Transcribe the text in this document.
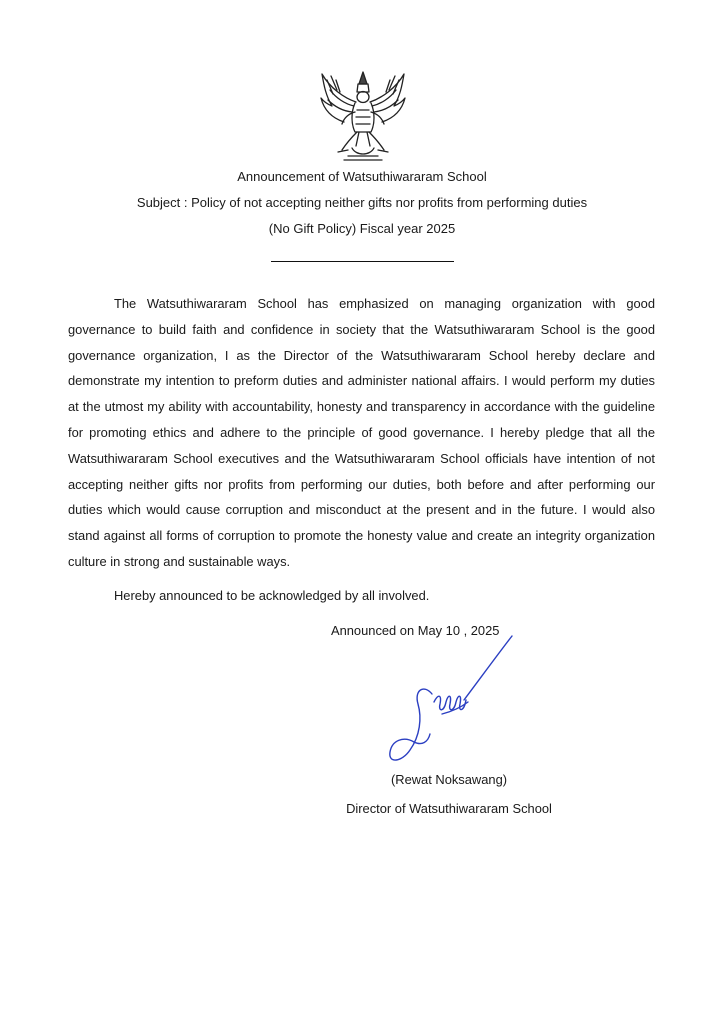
Announcement of Watsuthiwararam School
Subject : Policy of not accepting neither gifts nor profits from performing duties
(No Gift Policy) Fiscal year 2025

The Watsuthiwararam School has emphasized on managing organization with good governance to build faith and confidence in society that the Watsuthiwararam School is the good governance organization, I as the Director of the Watsuthiwararam School hereby declare and demonstrate my intention to preform duties and administer national affairs. I would perform my duties at the utmost my ability with accountability, honesty and transparency in accordance with the guideline for promoting ethics and adhere to the principle of good governance. I hereby pledge that all the Watsuthiwararam School executives and the Watsuthiwararam School officials have intention of not accepting neither gifts nor profits from performing our duties, both before and after performing our duties which would cause corruption and misconduct at the present and in the future. I would also stand against all forms of corruption to promote the honesty value and create an integrity organization culture in strong and sustainable ways.

Hereby announced to be acknowledged by all involved.

Announced on May 10 , 2025

(Rewat Noksawang)

Director of Watsuthiwararam School
